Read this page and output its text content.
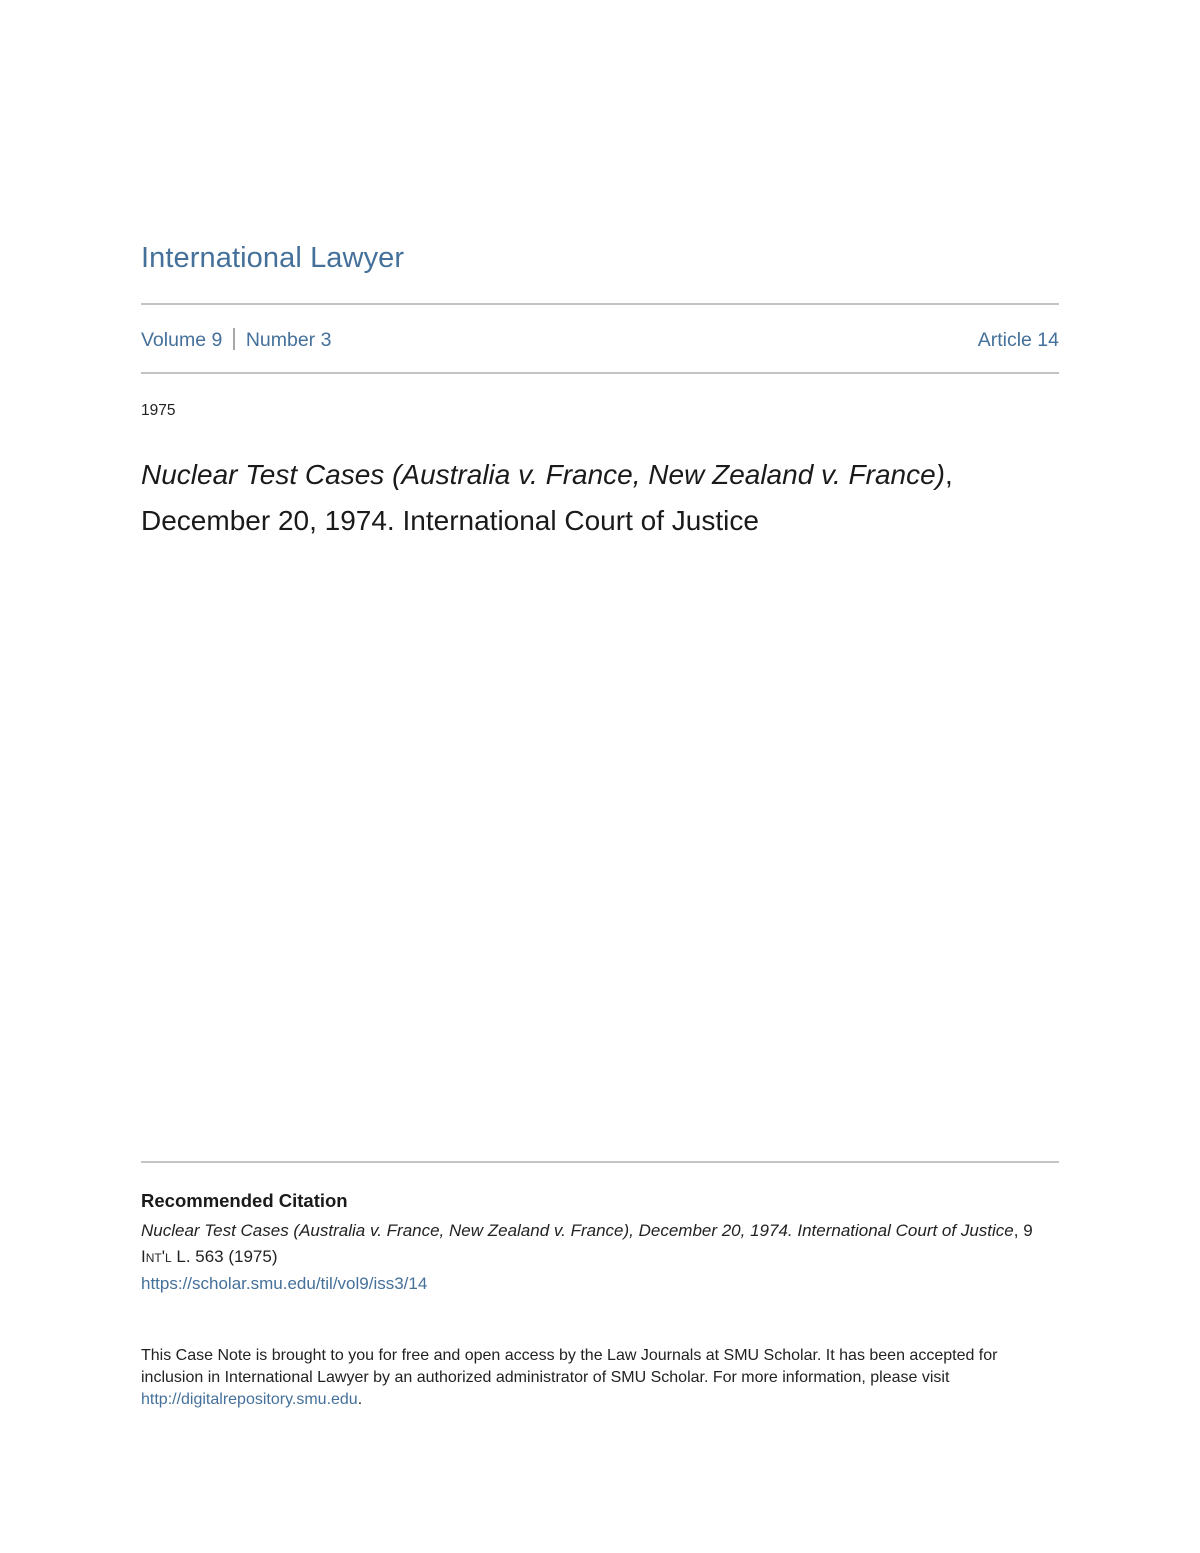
International Lawyer
Volume 9 Number 3	Article 14
1975
Nuclear Test Cases (Australia v. France, New Zealand v. France),
December 20, 1974. International Court of Justice
Recommended Citation
Nuclear Test Cases (Australia v. France, New Zealand v. France), December 20, 1974. International Court of Justice, 9 Int'l L. 563 (1975)
https://scholar.smu.edu/til/vol9/iss3/14
This Case Note is brought to you for free and open access by the Law Journals at SMU Scholar. It has been accepted for inclusion in International Lawyer by an authorized administrator of SMU Scholar. For more information, please visit http://digitalrepository.smu.edu.
